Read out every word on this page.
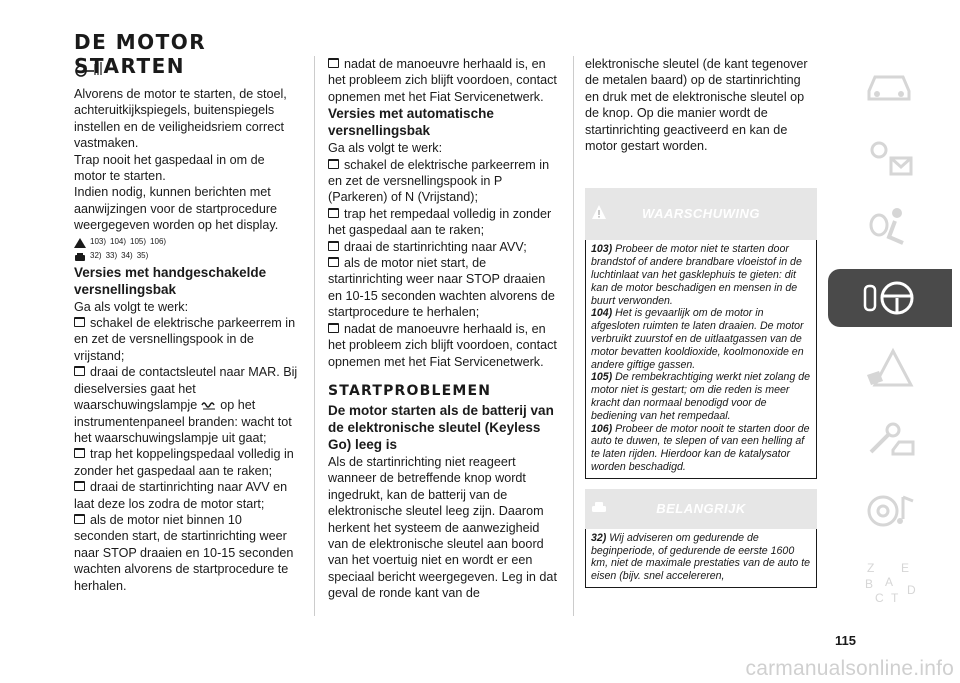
DE MOTOR STARTEN

Alvorens de motor te starten, de stoel, achteruitkijkspiegels, buitenspiegels instellen en de veiligheidsriem correct vastmaken.

Trap nooit het gaspedaal in om de motor te starten.

Indien nodig, kunnen berichten met aanwijzingen voor de startprocedure weergegeven worden op het display.

103) 104) 105) 106)
32) 33) 34) 35)
Versies met handgeschakelde versnellingsbak

Ga als volgt te werk:

schakel de elektrische parkeerrem in en zet de versnellingspook in de vrijstand;

draai de contactsleutel naar MAR. Bij dieselversies gaat het waarschuwingslampje op het instrumentenpaneel branden: wacht tot het waarschuwingslampje uit gaat;

trap het koppelingspedaal volledig in zonder het gaspedaal aan te raken;

draai de startinrichting naar AVV en laat deze los zodra de motor start;

als de motor niet binnen 10 seconden start, de startinrichting weer naar STOP draaien en 10-15 seconden wachten alvorens de startprocedure te herhalen.

nadat de manoeuvre herhaald is, en het probleem zich blijft voordoen, contact opnemen met het Fiat Servicenetwerk.

Versies met automatische versnellingsbak

Ga als volgt te werk:

schakel de elektrische parkeerrem in en zet de versnellingspook in P (Parkeren) of N (Vrijstand);

trap het rempedaal volledig in zonder het gaspedaal aan te raken;

draai de startinrichting naar AVV;

als de motor niet start, de startinrichting weer naar STOP draaien en 10-15 seconden wachten alvorens de startprocedure te herhalen;

nadat de manoeuvre herhaald is, en het probleem zich blijft voordoen, contact opnemen met het Fiat Servicenetwerk.

STARTPROBLEMEN
De motor starten als de batterij van de elektronische sleutel (Keyless Go) leeg is

Als de startinrichting niet reageert wanneer de betreffende knop wordt ingedrukt, kan de batterij van de elektronische sleutel leeg zijn. Daarom herkent het systeem de aanwezigheid van de elektronische sleutel aan boord van het voertuig niet en wordt er een speciaal bericht weergegeven. Leg in dat geval de ronde kant van de

elektronische sleutel (de kant tegenover de metalen baard) op de startinrichting en druk met de elektronische sleutel op de knop. Op die manier wordt de startinrichting geactiveerd en kan de motor gestart worden.

WAARSCHUWING

103) Probeer de motor niet te starten door brandstof of andere brandbare vloeistof in de luchtinlaat van het gasklephuis te gieten: dit kan de motor beschadigen en mensen in de buurt verwonden.

104) Het is gevaarlijk om de motor in afgesloten ruimten te laten draaien. De motor verbruikt zuurstof en de uitlaatgassen van de motor bevatten kooldioxide, koolmonoxide en andere giftige gassen.

105) De rembekrachtiging werkt niet zolang de motor niet is gestart; om die reden is meer kracht dan normaal benodigd voor de bediening van het rempedaal.

106) Probeer de motor nooit te starten door de auto te duwen, te slepen of van een helling af te laten rijden. Hierdoor kan de katalysator worden beschadigd.

BELANGRIJK

32) Wij adviseren om gedurende de beginperiode, of gedurende de eerste 1600 km, niet de maximale prestaties van de auto te eisen (bijv. snel accelereren,

Z E
B A
C T
D
115
carmanualsonline.info
